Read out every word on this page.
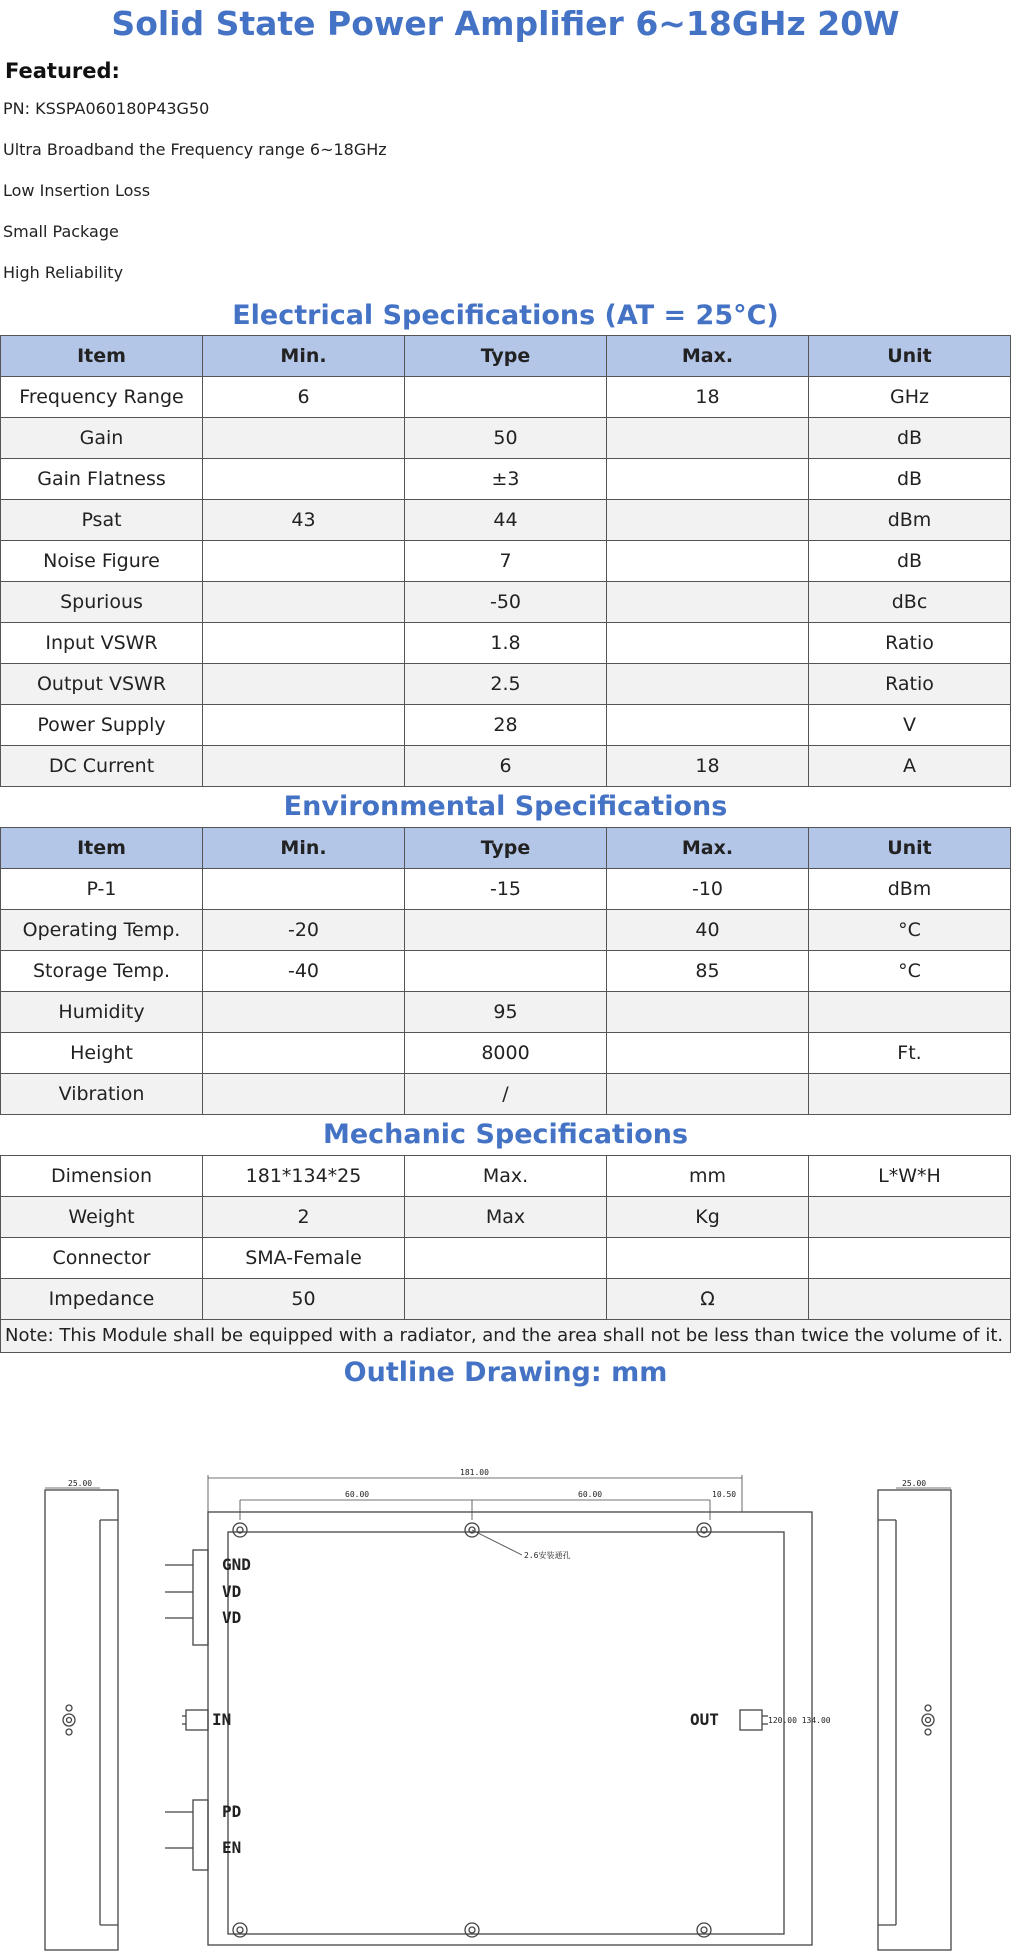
Solid State Power Amplifier 6~18GHz 20W
Featured:
PN: KSSPA060180P43G50
Ultra Broadband the Frequency range 6~18GHz
Low Insertion Loss
Small Package
High Reliability
Electrical Specifications (AT = 25°C)
Item	Min.	Type	Max.	Unit
Frequency Range	6		18	GHz
Gain		50		dB
Gain Flatness		±3		dB
Psat	43	44		dBm
Noise Figure		7		dB
Spurious		-50		dBc
Input VSWR		1.8		Ratio
Output VSWR		2.5		Ratio
Power Supply		28		V
DC Current		6	18	A
Environmental Specifications
Item	Min.	Type	Max.	Unit
P-1		-15	-10	dBm
Operating Temp.	-20		40	°C
Storage Temp.	-40		85	°C
Humidity		95		
Height		8000		Ft.
Vibration		/		
Mechanic Specifications
Dimension	181*134*25	Max.	mm	L*W*H
Weight	2	Max	Kg	
Connector	SMA-Female			
Impedance	50		Ω	
Note: This Module shall be equipped with a radiator, and the area shall not be less than twice the volume of it.				
Outline Drawing: mm
GND
VD
VD
IN	OUT
PD
EN
181.00
60.00	60.00	10.50
25.00	25.00
2.6安装通孔
120.00 134.00
